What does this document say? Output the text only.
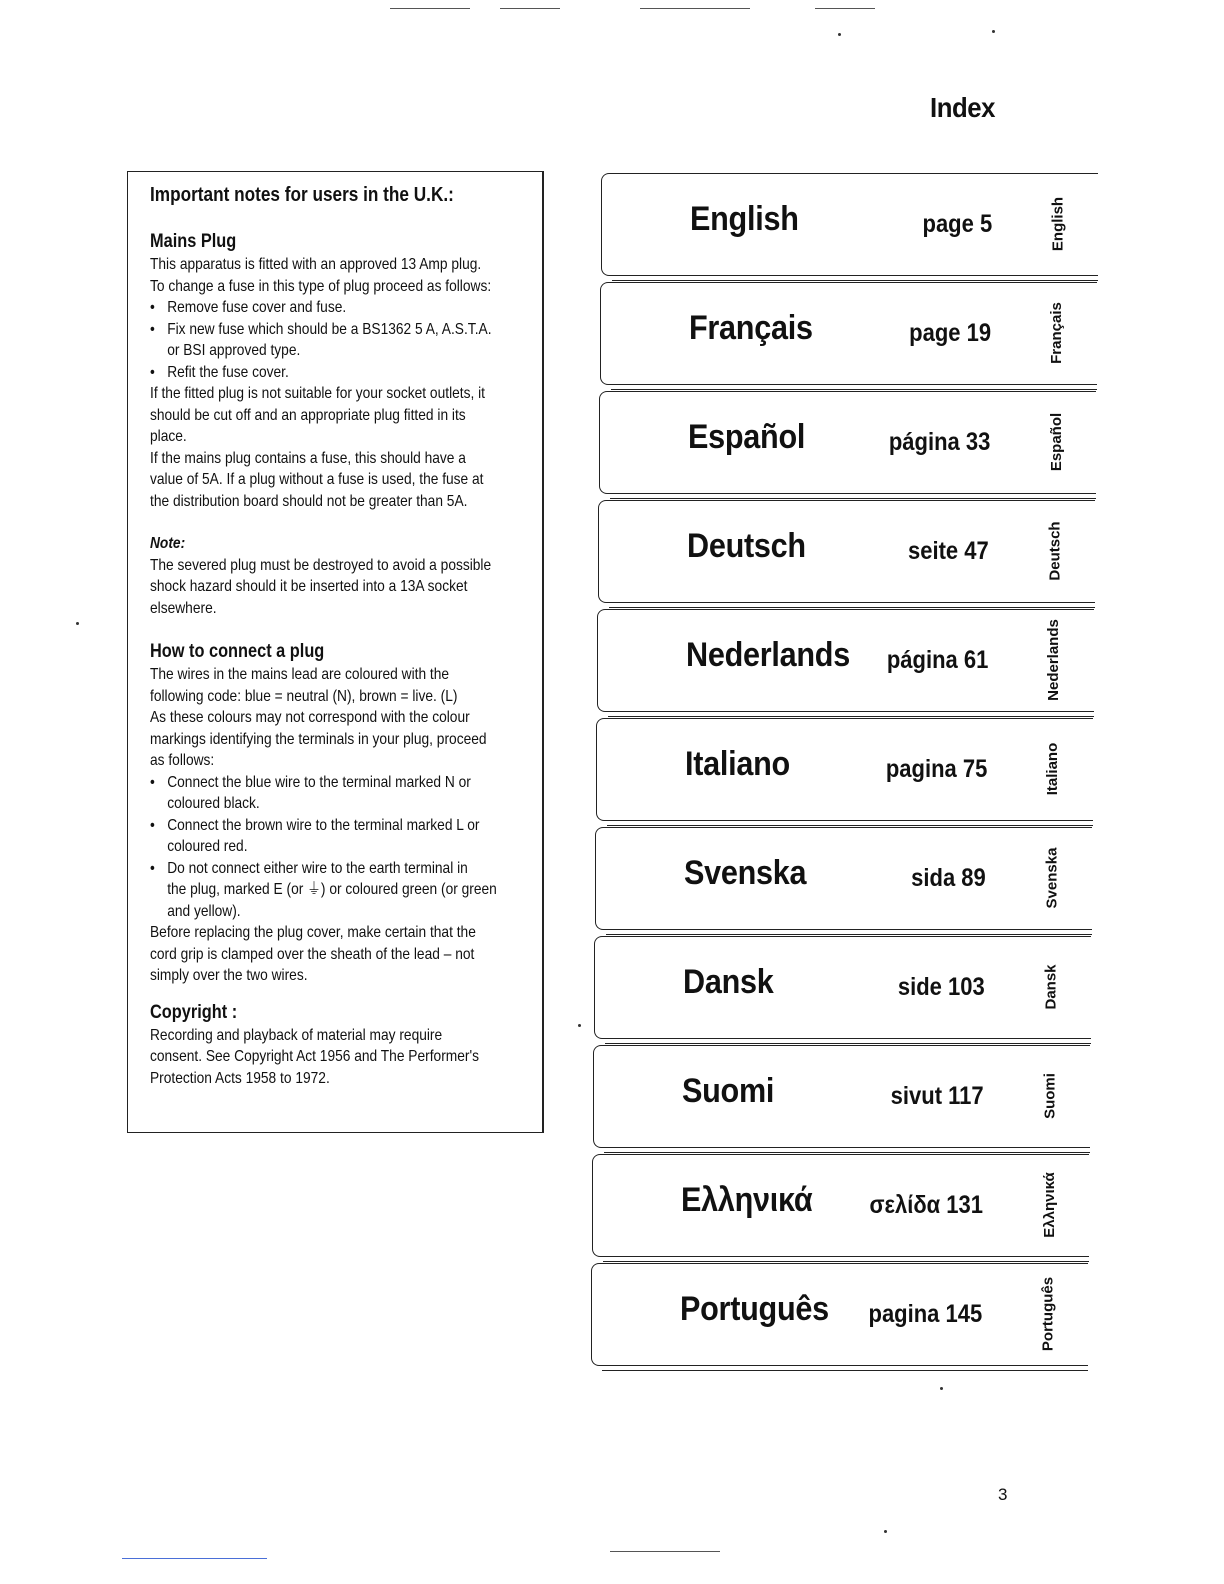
Index

Important notes for users in the U.K.:

Mains Plug

This apparatus is fitted with an approved 13 Amp plug.

To change a fuse in this type of plug proceed as follows:

• Remove fuse cover and fuse.

• Fix new fuse which should be a BS1362 5 A, A.S.T.A.

or BSI approved type.

• Refit the fuse cover.

If the fitted plug is not suitable for your socket outlets, it

should be cut off and an appropriate plug fitted in its

place.

If the mains plug contains a fuse, this should have a

value of 5A. If a plug without a fuse is used, the fuse at

the distribution board should not be greater than 5A.

Note:

The severed plug must be destroyed to avoid a possible

shock hazard should it be inserted into a 13A socket

elsewhere.

How to connect a plug

The wires in the mains lead are coloured with the

following code: blue = neutral (N), brown = live. (L)

As these colours may not correspond with the colour

markings identifying the terminals in your plug, proceed

as follows:

• Connect the blue wire to the terminal marked N or

coloured black.

• Connect the brown wire to the terminal marked L or

coloured red.

• Do not connect either wire to the earth terminal in

the plug, marked E (or ⏚) or coloured green (or green

and yellow).

Before replacing the plug cover, make certain that the

cord grip is clamped over the sheath of the lead – not

simply over the two wires.

Copyright :

Recording and playback of material may require

consent. See Copyright Act 1956 and The Performer's

Protection Acts 1958 to 1972.

English	page 5	English
Français	page 19	Français
Español	página 33	Español
Deutsch	seite 47	Deutsch
Nederlands página 61	Nederlands
Italiano	pagina 75	Italiano
Svenska	sida 89	Svenska
Dansk	side 103	Dansk
Suomi	sivut 117	Suomi
Ελληνικά σελίδα 131	Ελληνικά
Português pagina 145	Português
3
